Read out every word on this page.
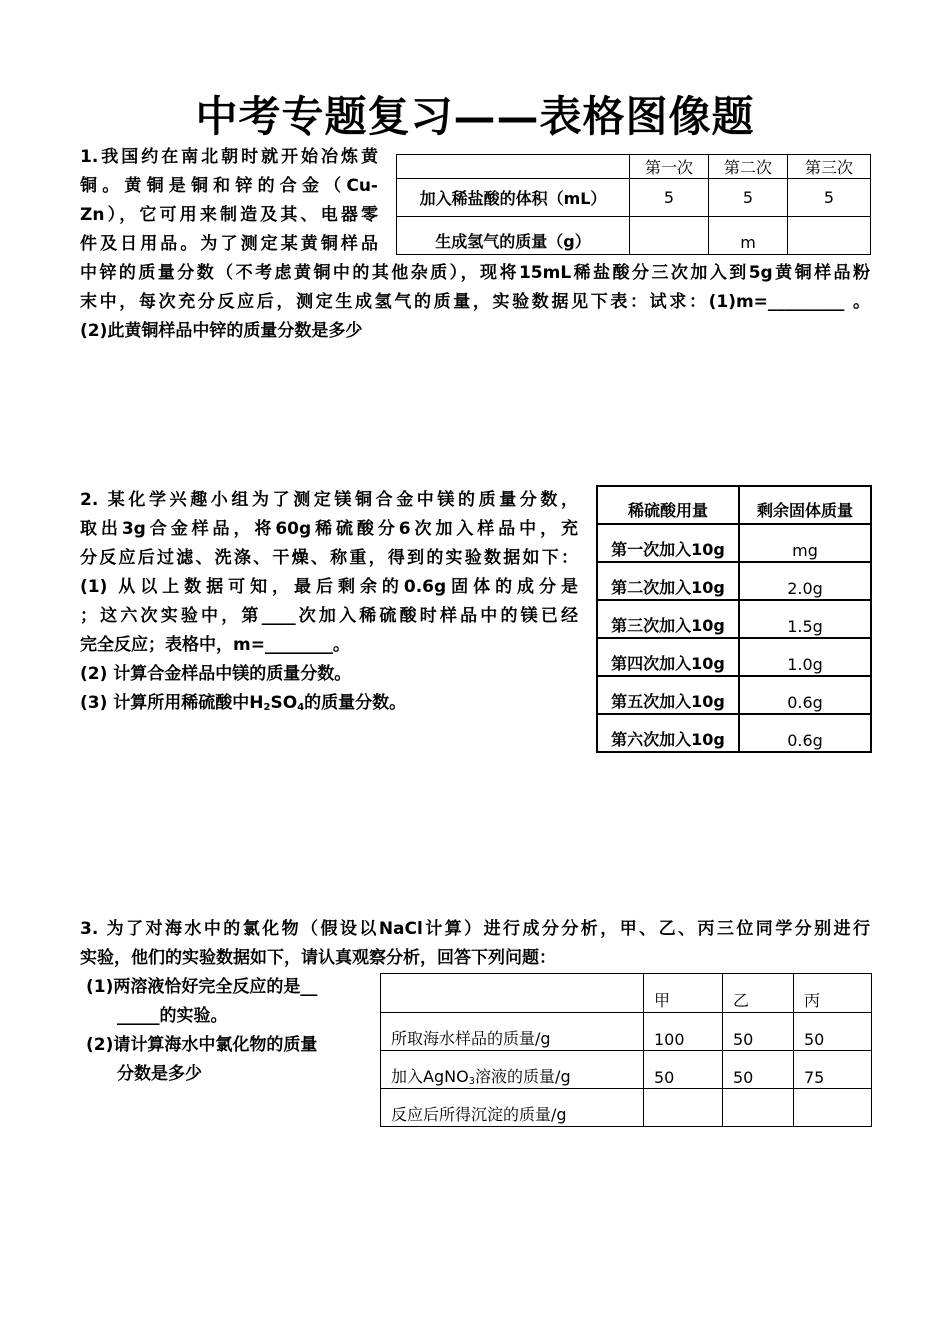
中考专题复习——表格图像题
1.我国约在南北朝时就开始冶炼黄
铜。黄铜是铜和锌的合金（Cu-
Zn），它可用来制造及其、电器零
件及日用品。为了测定某黄铜样品
中锌的质量分数（不考虑黄铜中的其他杂质），现将15mL稀盐酸分三次加入到5g黄铜样品粉
末中，每次充分反应后，测定生成氢气的质量，实验数据见下表：试求：(1)m=_________ 。
(2)此黄铜样品中锌的质量分数是多少
	第一次	第二次	第三次
加入稀盐酸的体积（mL）	5	5	5
生成氢气的质量（g）		m	
2. 某化学兴趣小组为了测定镁铜合金中镁的质量分数，
取出3g合金样品，将60g稀硫酸分6次加入样品中，充
分反应后过滤、洗涤、干燥、称重，得到的实验数据如下：
(1) 从以上数据可知，最后剩余的0.6g固体的成分是
；这六次实验中，第____次加入稀硫酸时样品中的镁已经
完全反应；表格中，m=________。
(2) 计算合金样品中镁的质量分数。
(3) 计算所用稀硫酸中$H_2SO_4$的质量分数。
稀硫酸用量	剩余固体质量
第一次加入10g	mg
第二次加入10g	2.0g
第三次加入10g	1.5g
第四次加入10g	1.0g
第五次加入10g	0.6g
第六次加入10g	0.6g
3. 为了对海水中的氯化物（假设以NaCl计算）进行成分分析，甲、乙、丙三位同学分别进行
实验，他们的实验数据如下，请认真观察分析，回答下列问题：
(1)两溶液恰好完全反应的是__
_____的实验。
(2)请计算海水中氯化物的质量
分数是多少
	甲	乙	丙
所取海水样品的质量/g	100	50	50
加入AgNO$_3$溶液的质量/g	50	50	75
反应后所得沉淀的质量/g			
